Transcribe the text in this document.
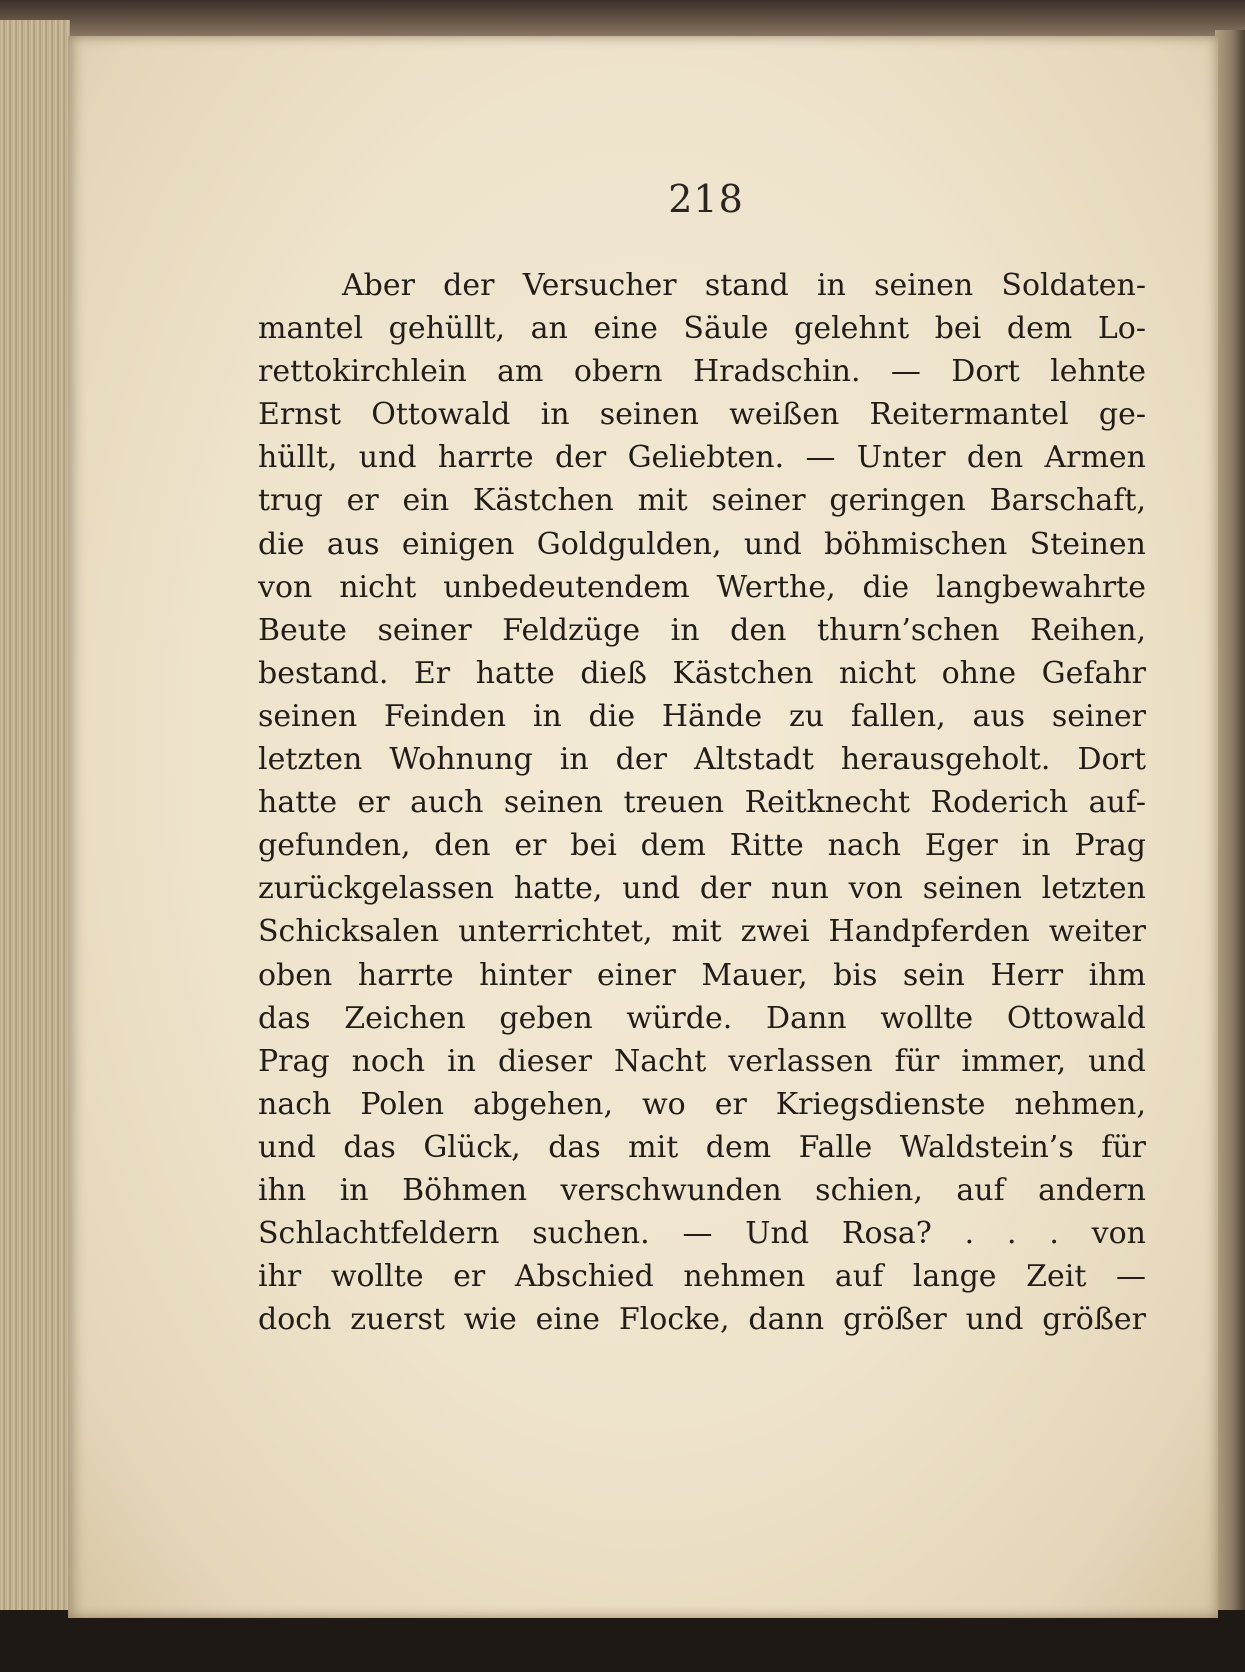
218
Aber der Versucher stand in seinen Soldaten-
mantel gehüllt, an eine Säule gelehnt bei dem Lo-
rettokirchlein am obern Hradschin. — Dort lehnte
Ernst Ottowald in seinen weißen Reitermantel ge-
hüllt, und harrte der Geliebten. — Unter den Armen
trug er ein Kästchen mit seiner geringen Barschaft,
die aus einigen Goldgulden, und böhmischen Steinen
von nicht unbedeutendem Werthe, die langbewahrte
Beute seiner Feldzüge in den thurn’schen Reihen,
bestand. Er hatte dieß Kästchen nicht ohne Gefahr
seinen Feinden in die Hände zu fallen, aus seiner
letzten Wohnung in der Altstadt herausgeholt. Dort
hatte er auch seinen treuen Reitknecht Roderich auf-
gefunden, den er bei dem Ritte nach Eger in Prag
zurückgelassen hatte, und der nun von seinen letzten
Schicksalen unterrichtet, mit zwei Handpferden weiter
oben harrte hinter einer Mauer, bis sein Herr ihm
das Zeichen geben würde. Dann wollte Ottowald
Prag noch in dieser Nacht verlassen für immer, und
nach Polen abgehen, wo er Kriegsdienste nehmen,
und das Glück, das mit dem Falle Waldstein’s für
ihn in Böhmen verschwunden schien, auf andern
Schlachtfeldern suchen. — Und Rosa? . . . von
ihr wollte er Abschied nehmen auf lange Zeit —
doch zuerst wie eine Flocke, dann größer und größer
